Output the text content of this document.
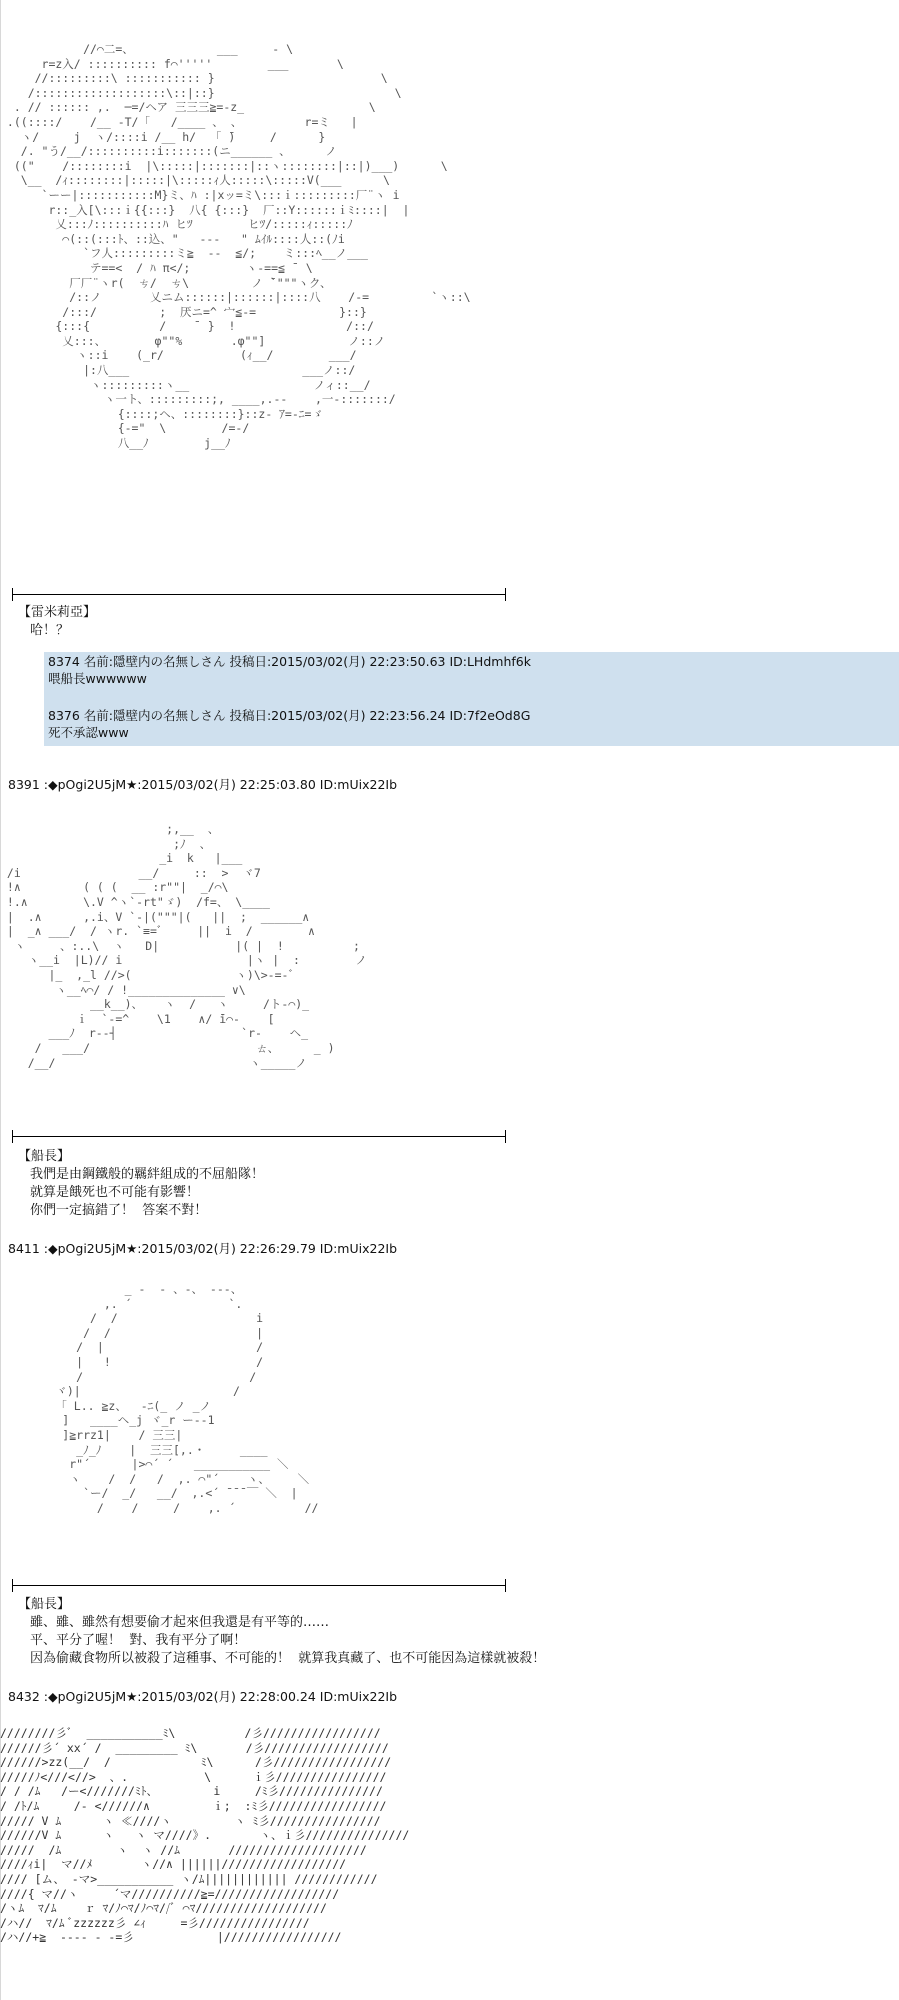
//⌒二=、            ___     - \
r=z入/ :::::::::: f⌒'''''        ___       \
//:::::::::\ ::::::::::: }                        \
/:::::::::::::::::::\::|::}                          \
. // :::::: ,.  ─=/ヘア 三三三≧=‐z_                  \
.((::::/    /__ ‐T/「   /____ 、 、         r=ミ   |
ヽ/     j  ヽ/::::i /__ h/  「 ̄)     /      }
/. "う/__/::::::::::i:::::::(ニ______ 、     ノ
(("    /::::::::i  |\:::::|:::::::|::ヽ::::::::|::|)___)      \
\__  /ｨ::::::::|:::::|\:::::ｨ人:::::\:::::V(___      \
`ーー|:::::::::::M}ミ、ﾊ :|xッ=ミ\:::ｉ:::::::::厂¨ヽ i
r::_入[\:::ｉ{{:::}  八{ {:::}  厂::Y::::::ｉﾐ::::|  |
乂:::ﾉ::::::::::ﾊ ヒﾂ        ヒﾂ/:::::ｨ:::::ﾉ
⌒(::(:::ﾄ、::込、"   ---   " ﾑｲﾙ::::人::(ﾉi
`フ人:::::::::ミ≧  ‐‐  ≦/;    ミ:::ﾍ__ノ___
テ==<  / ﾊ π</;        ヽ-==≦ ̄  \
厂厂¨ヽr(  ㄘ/  ㄘ\         ノ ̄`"""ヽク、
/::ノ       乂ニム::::::|::::::|::::八    /‐=         `ヽ::\
/:::/         ;  厌ニ=^ 宀≦‐=            }::}
{:::{          /    ̄  }  !                /::/
乂:::、       φ""%       .φ""]            ノ::ノ
ヽ::i    (_r/           (ｨ__/        ___/
|:八___                         ___ノ::/
ヽ:::::::::ヽ__                  ノィ::__/
ヽ一ト、:::::::::;, ____,.‐‐    ,一‐:::::::/
{::::;ヘ、::::::::}::z‐ ｱ=‐ﾆ=ゞ
{‐="  \        /=‐/
八__ﾉ        j__ﾉ
【雷米莉亞】
哈！？
8374 名前:隱壁内の名無しさん 投稿日:2015/03/02(月) 22:23:50.63 ID:LHdmhf6k
喂船長wwwwww
8376 名前:隱壁内の名無しさん 投稿日:2015/03/02(月) 22:23:56.24 ID:7f2eOd8G
死不承認www
8391 :◆pOgi2U5jM★:2015/03/02(月) 22:25:03.80 ID:mUix22Ib
;,__  、
;ﾉ  、
_i  k   |___
/i                 __/     ::  >  ヾ7
!∧         ( ( (  __ :r""|  _/⌒\
!.∧        \.V ^ヽ`‐rt"ゞ)  /f=、 \____
|  .∧      ,.i、V `-|("""|(   ||  ;  ______∧
|  _∧ ___/  / ヽr. `≡=ﾞ     ||  i  /        ∧
ヽ     、:..\  ヽ   D|           |( |  !          ;
ヽ__i  |L)// i                  |ヽ |  :        ノ
|_  ,_l //>(               ヽ)\>‐=‐ﾞ
ヽ__ﾍ⌒/ / !______________ ∨\
__k__)、   ヽ  /   ヽ     /ト‐⌒)_
ｉ  `‐=^    \1    ∧/ ̄i⌒‐    [
___ﾉ  r‐‐┤                  `r‐    ヘ_
/   ___/                        ㄊ、     _ )
/__/                            ヽ_____ノ
【船長】
我們是由鋼鐵般的羈絆組成的不屈船隊！
就算是餓死也不可能有影響！
你們一定搞錯了！  答案不對！
8411 :◆pOgi2U5jM★:2015/03/02(月) 22:26:29.79 ID:mUix22Ib
_ -  ‐ 、-、 ‐‐‐、
,. ´              `.
/  /                    i
/  /                     |
/  |                      /
|   !                     /
/                        /
ヾ)|                      /
「 L.. ≧z、  -ﾆ(_ ノ _ノ
]   ____ヘ_j ヾ_r ー--1
]≧rrz1|    / 三三|
_ﾉ_ﾉ    |  三三[,.・     ____
r"´      |>⌒´ ´   ___________ ＼
ヽ    /  /   /  ,. ⌒"´    ヽ、    ＼
`ー/  _/   __/  ,.<´ ̄ ̄ ̄ ￣ ＼  |
/    /     /    ,. ´          //
【船長】
雖、雖、雖然有想要偷才起來但我還是有平等的……
平、平分了喔！  對、我有平分了啊！
因為偷藏食物所以被殺了這種事、不可能的！  就算我真藏了、也不可能因為這樣就被殺！
8432 :◆pOgi2U5jM★:2015/03/02(月) 22:28:00.24 ID:mUix22Ib
////////彡ﾞ  ___________ﾐ\          /彡/////////////////
//////彡´ xx´ /  _________ ﾐ\       /彡//////////////////
//////>zz(__/  /             ﾐ\      /彡/////////////////
/////ﾉ<///<//>  、.           \      ｉ彡////////////////
/ / /ﾑ   /ー<///////ﾐﾄ、        i     /ﾐ彡///////////////
/ /ﾄ/ﾑ     /‐ <//////∧         ｉ;  :ﾐ彡/////////////////
///// V ﾑ      ヽ ≪////ヽ         ヽ ﾐ彡////////////////
//////V ﾑ      ヽ   ヽ マ////》.       ヽ、ｉ彡///////////////
/////  /ﾑ        ヽ  ヽ //ﾑ       ////////////////////
////ｨi|  マ//ﾒ       ヽ//∧ ||||||//////////////////
//// [ム、 ‐マ>___________ ヽ/ﾑ|||||||||||| ////////////
////{ マ//ヽ     ´マ//////////≧=//////////////////
/ヽﾑ  ﾏ/ﾑ    ｒ ﾏ/ﾉ⌒ﾏ/ﾉ⌒ﾏ//ﾞ ⌒ﾏ///////////////////
/ハ//  ﾏ/ﾑ ﾞzzzzzz彡 ∠ｨ     =彡////////////////
/ハ//+≧  ---- ‐ ‐=彡            |/////////////////
